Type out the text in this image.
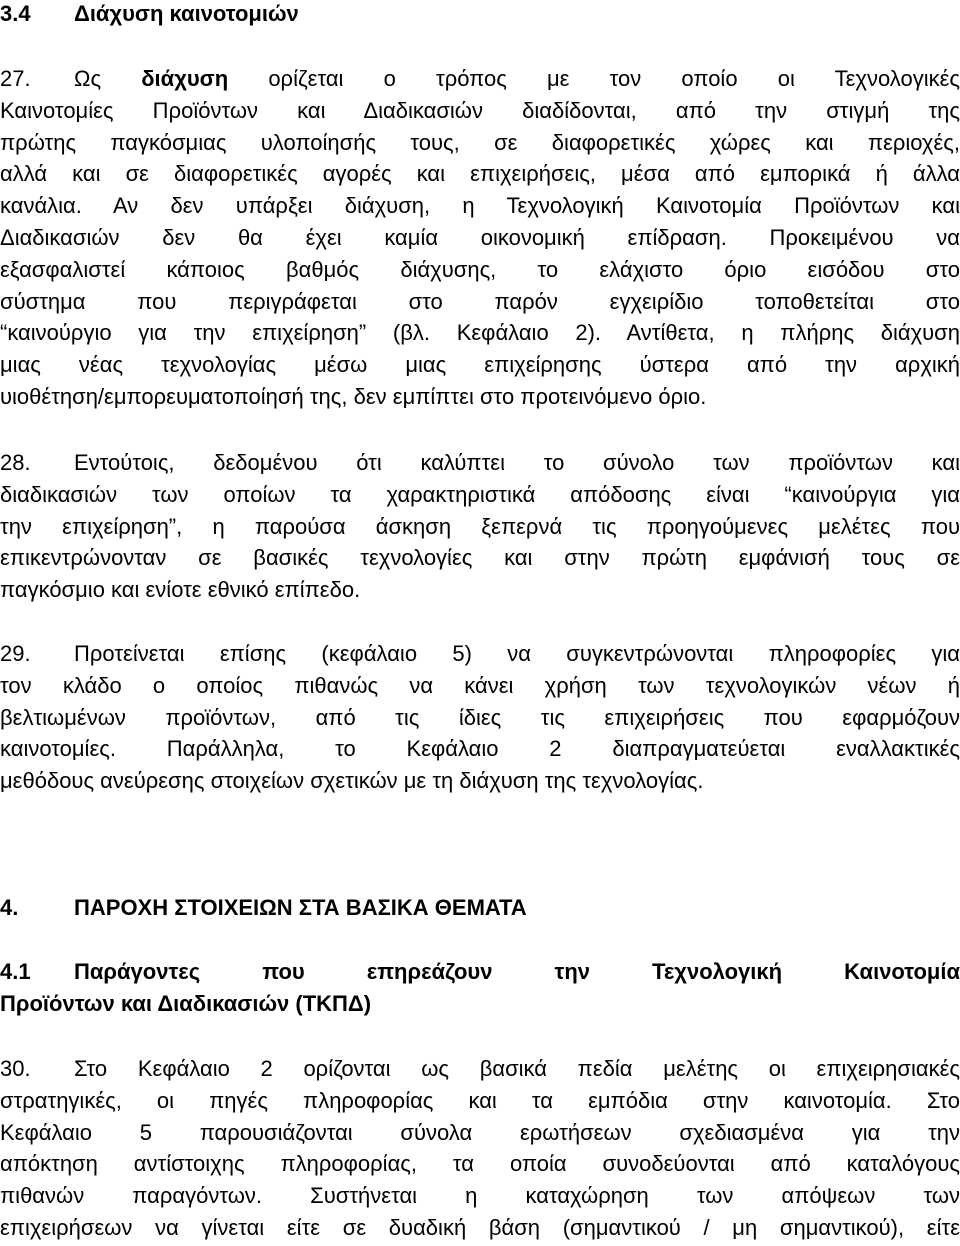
3.4 Διάχυση καινοτομιών
27. Ως διάχυση ορίζεται ο τρόπος με τον οποίο οι Τεχνολογικές
Καινοτομίες Προϊόντων και Διαδικασιών διαδίδονται, από την στιγμή της
πρώτης παγκόσμιας υλοποίησής τους, σε διαφορετικές χώρες και περιοχές,
αλλά και σε διαφορετικές αγορές και επιχειρήσεις, μέσα από εμπορικά ή άλλα
κανάλια. Αν δεν υπάρξει διάχυση, η Τεχνολογική Καινοτομία Προϊόντων και
Διαδικασιών δεν θα έχει καμία οικονομική επίδραση. Προκειμένου να
εξασφαλιστεί κάποιος βαθμός διάχυσης, το ελάχιστο όριο εισόδου στο
σύστημα που περιγράφεται στο παρόν εγχειρίδιο τοποθετείται στο
“καινούργιο για την επιχείρηση” (βλ. Κεφάλαιο 2). Αντίθετα, η πλήρης διάχυση
μιας νέας τεχνολογίας μέσω μιας επιχείρησης ύστερα από την αρχική
υιοθέτηση/εμπορευματοποίησή της, δεν εμπίπτει στο προτεινόμενο όριο.
28. Εντούτοις, δεδομένου ότι καλύπτει το σύνολο των προϊόντων και
διαδικασιών των οποίων τα χαρακτηριστικά απόδοσης είναι “καινούργια για
την επιχείρηση”, η παρούσα άσκηση ξεπερνά τις προηγούμενες μελέτες που
επικεντρώνονταν σε βασικές τεχνολογίες και στην πρώτη εμφάνισή τους σε
παγκόσμιο και ενίοτε εθνικό επίπεδο.
29. Προτείνεται επίσης (κεφάλαιο 5) να συγκεντρώνονται πληροφορίες για
τον κλάδο ο οποίος πιθανώς να κάνει χρήση των τεχνολογικών νέων ή
βελτιωμένων προϊόντων, από τις ίδιες τις επιχειρήσεις που εφαρμόζουν
καινοτομίες. Παράλληλα, το Κεφάλαιο 2 διαπραγματεύεται εναλλακτικές
μεθόδους ανεύρεσης στοιχείων σχετικών με τη διάχυση της τεχνολογίας.
4.	ΠΑΡΟΧΗ ΣΤΟΙΧΕΙΩΝ ΣΤΑ ΒΑΣΙΚΑ ΘΕΜΑΤΑ
4.1 Παράγοντες που επηρεάζουν την Τεχνολογική Καινοτομία
Προϊόντων και Διαδικασιών (ΤΚΠΔ)
30. Στο Κεφάλαιο 2 ορίζονται ως βασικά πεδία μελέτης οι επιχειρησιακές
στρατηγικές, οι πηγές πληροφορίας και τα εμπόδια στην καινοτομία. Στο
Κεφάλαιο 5 παρουσιάζονται σύνολα ερωτήσεων σχεδιασμένα για την
απόκτηση αντίστοιχης πληροφορίας, τα οποία συνοδεύονται από καταλόγους
πιθανών παραγόντων. Συστήνεται η καταχώρηση των απόψεων των
επιχειρήσεων να γίνεται είτε σε δυαδική βάση (σημαντικού / μη σημαντικού), είτε
